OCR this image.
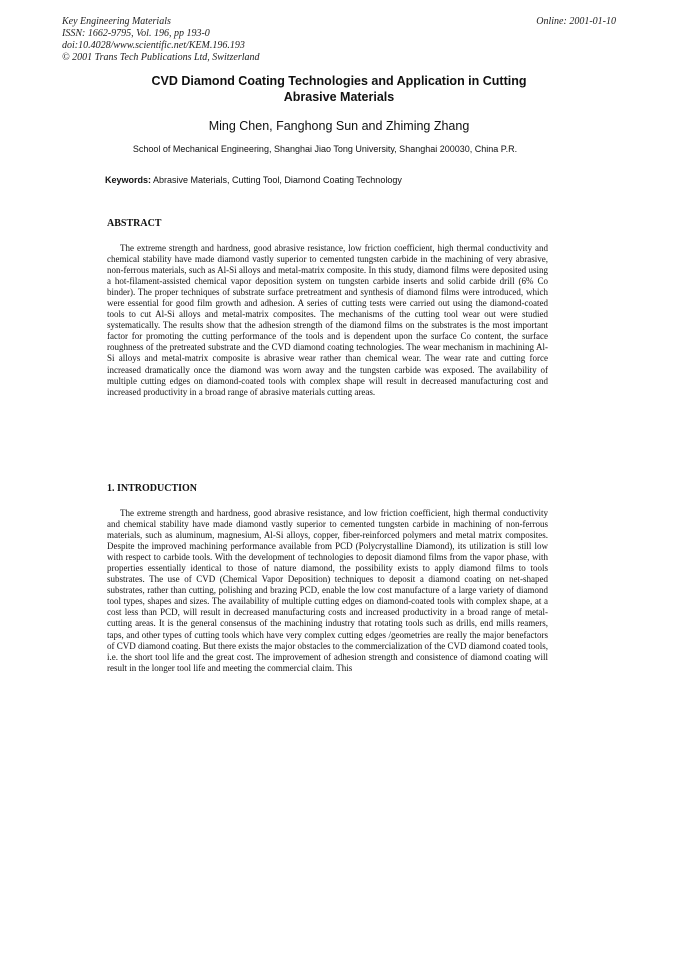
Key Engineering Materials
ISSN: 1662-9795, Vol. 196, pp 193-0
doi:10.4028/www.scientific.net/KEM.196.193
© 2001 Trans Tech Publications Ltd, Switzerland
Online: 2001-01-10
CVD Diamond Coating Technologies and Application in Cutting
Abrasive Materials
Ming Chen, Fanghong Sun and Zhiming Zhang
School of Mechanical Engineering, Shanghai Jiao Tong University, Shanghai 200030, China P.R.
Keywords: Abrasive Materials, Cutting Tool, Diamond Coating Technology
ABSTRACT
The extreme strength and hardness, good abrasive resistance, low friction coefficient, high thermal conductivity and chemical stability have made diamond vastly superior to cemented tungsten carbide in the machining of very abrasive, non-ferrous materials, such as Al-Si alloys and metal-matrix composite. In this study, diamond films were deposited using a hot-filament-assisted chemical vapor deposition system on tungsten carbide inserts and solid carbide drill (6% Co binder). The proper techniques of substrate surface pretreatment and synthesis of diamond films were introduced, which were essential for good film growth and adhesion. A series of cutting tests were carried out using the diamond-coated tools to cut Al-Si alloys and metal-matrix composites. The mechanisms of the cutting tool wear out were studied systematically. The results show that the adhesion strength of the diamond films on the substrates is the most important factor for promoting the cutting performance of the tools and is dependent upon the surface Co content, the surface roughness of the pretreated substrate and the CVD diamond coating technologies. The wear mechanism in machining Al-Si alloys and metal-matrix composite is abrasive wear rather than chemical wear. The wear rate and cutting force increased dramatically once the diamond was worn away and the tungsten carbide was exposed. The availability of multiple cutting edges on diamond-coated tools with complex shape will result in decreased manufacturing cost and increased productivity in a broad range of abrasive materials cutting areas.
1. INTRODUCTION
The extreme strength and hardness, good abrasive resistance, and low friction coefficient, high thermal conductivity and chemical stability have made diamond vastly superior to cemented tungsten carbide in machining of non-ferrous materials, such as aluminum, magnesium, Al-Si alloys, copper, fiber-reinforced polymers and metal matrix composites. Despite the improved machining performance available from PCD (Polycrystalline Diamond), its utilization is still low with respect to carbide tools. With the development of technologies to deposit diamond films from the vapor phase, with properties essentially identical to those of nature diamond, the possibility exists to apply diamond films to tools substrates. The use of CVD (Chemical Vapor Deposition) techniques to deposit a diamond coating on net-shaped substrates, rather than cutting, polishing and brazing PCD, enable the low cost manufacture of a large variety of diamond tool types, shapes and sizes. The availability of multiple cutting edges on diamond-coated tools with complex shape, at a cost less than PCD, will result in decreased manufacturing costs and increased productivity in a broad range of metal-cutting areas. It is the general consensus of the machining industry that rotating tools such as drills, end mills reamers, taps, and other types of cutting tools which have very complex cutting edges /geometries are really the major benefactors of CVD diamond coating. But there exists the major obstacles to the commercialization of the CVD diamond coated tools, i.e. the short tool life and the great cost. The improvement of adhesion strength and consistence of diamond coating will result in the longer tool life and meeting the commercial claim. This
